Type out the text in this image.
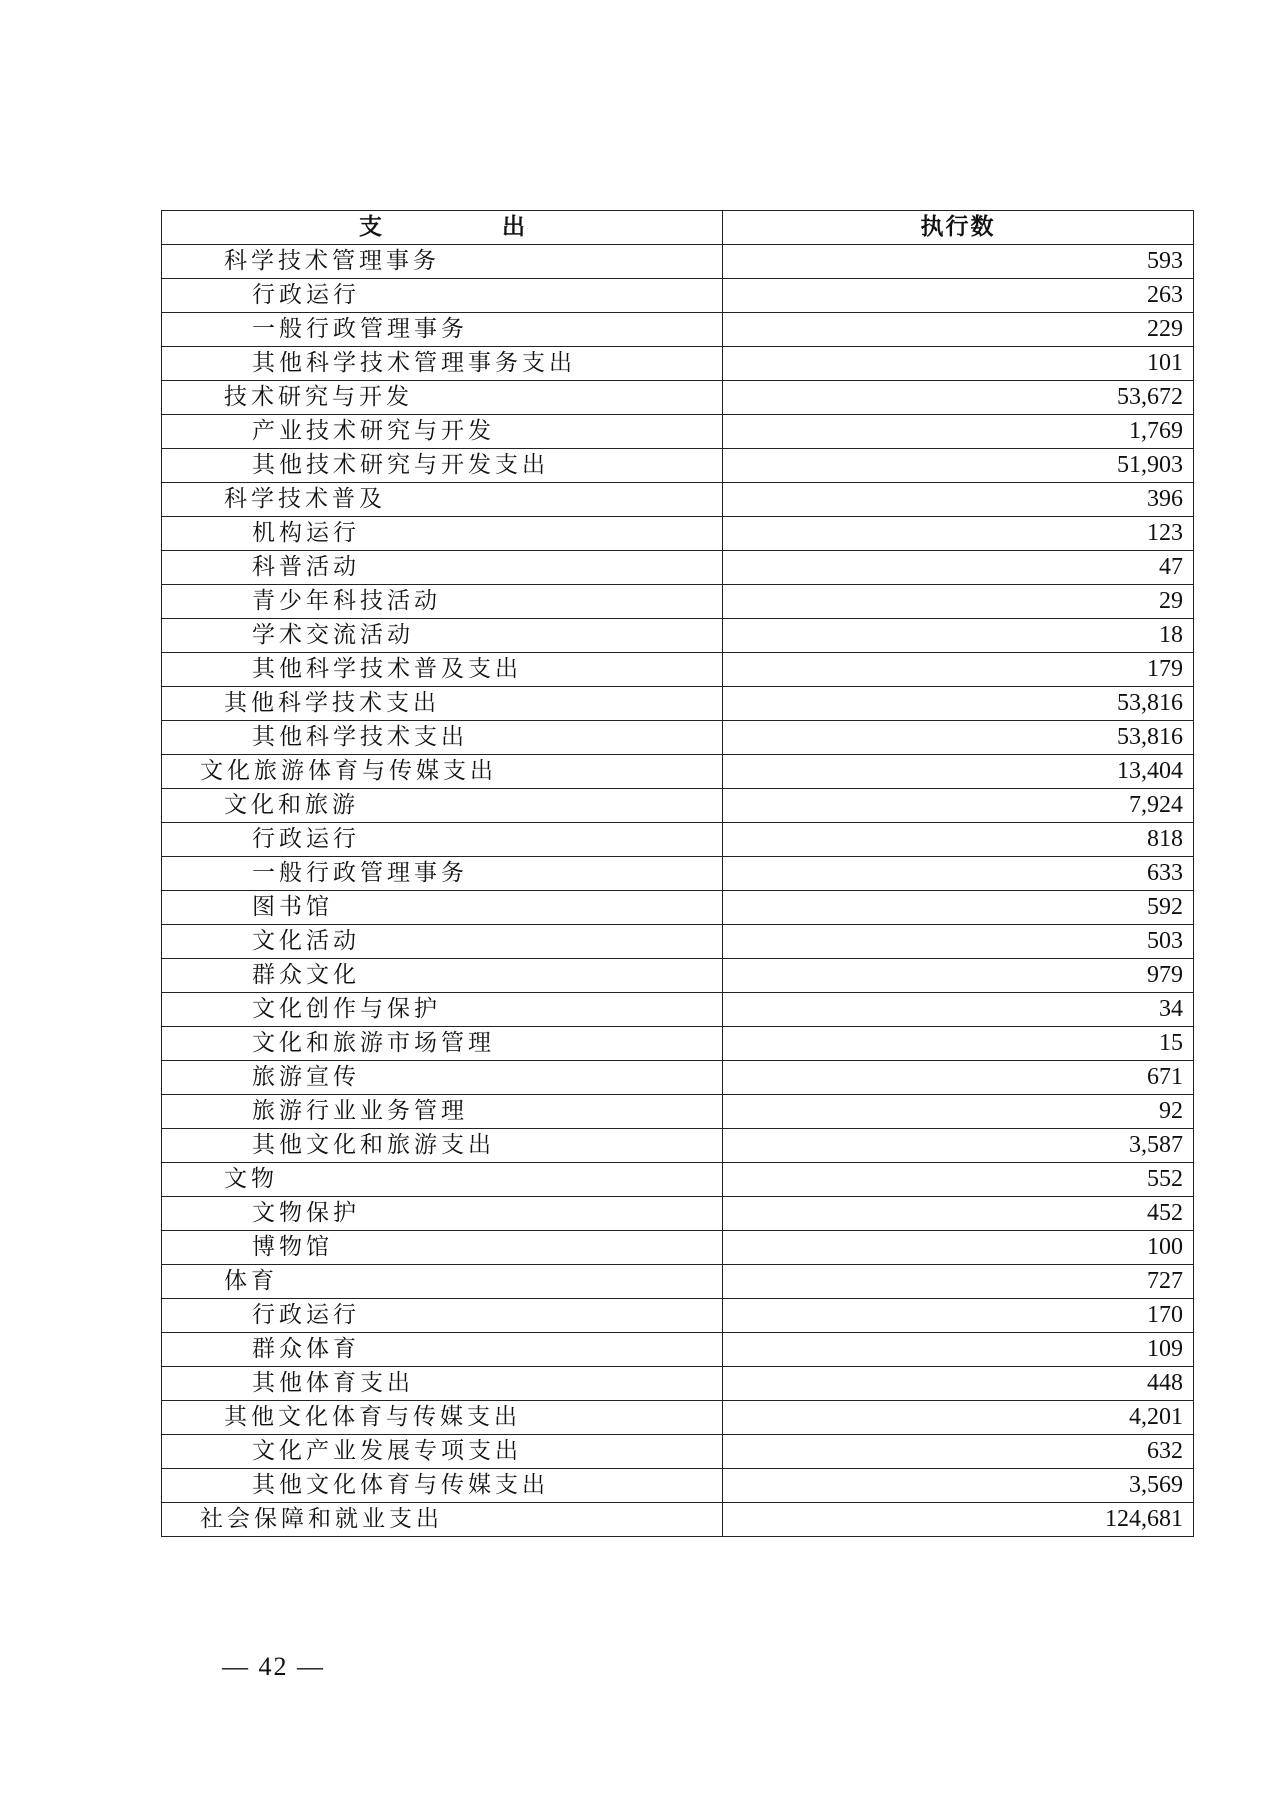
支出	执行数
科学技术管理事务	593
行政运行	263
一般行政管理事务	229
其他科学技术管理事务支出	101
技术研究与开发	53,672
产业技术研究与开发	1,769
其他技术研究与开发支出	51,903
科学技术普及	396
机构运行	123
科普活动	47
青少年科技活动	29
学术交流活动	18
其他科学技术普及支出	179
其他科学技术支出	53,816
其他科学技术支出	53,816
文化旅游体育与传媒支出	13,404
文化和旅游	7,924
行政运行	818
一般行政管理事务	633
图书馆	592
文化活动	503
群众文化	979
文化创作与保护	34
文化和旅游市场管理	15
旅游宣传	671
旅游行业业务管理	92
其他文化和旅游支出	3,587
文物	552
文物保护	452
博物馆	100
体育	727
行政运行	170
群众体育	109
其他体育支出	448
其他文化体育与传媒支出	4,201
文化产业发展专项支出	632
其他文化体育与传媒支出	3,569
社会保障和就业支出	124,681
— 42 —
